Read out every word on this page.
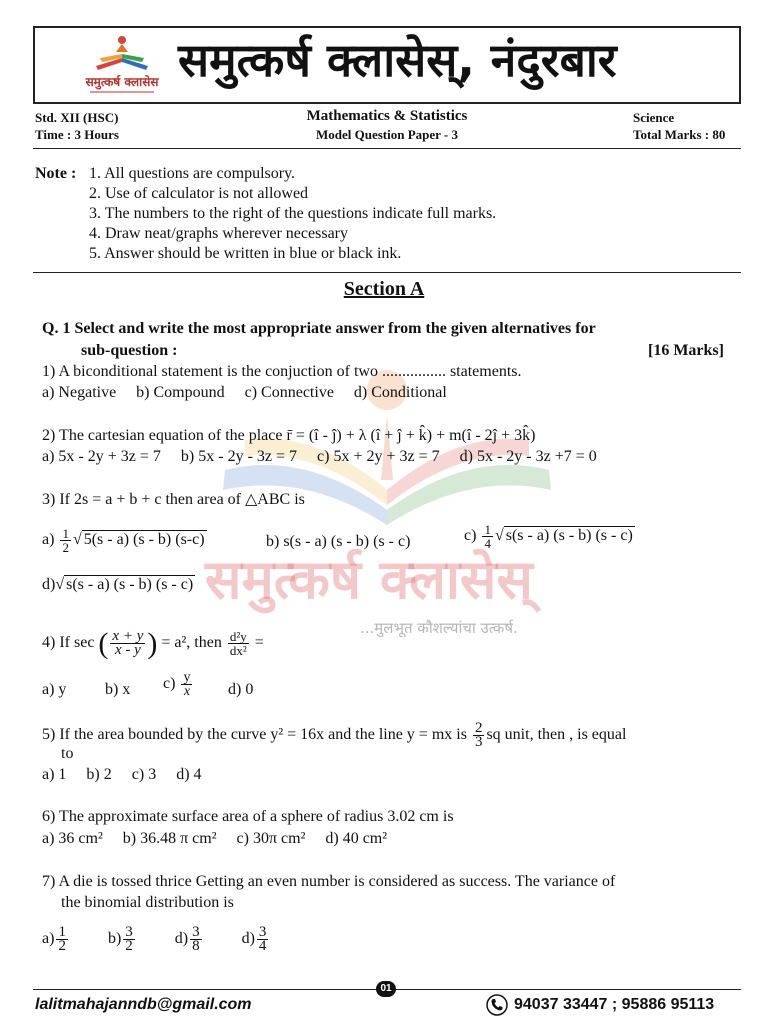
समुत्कर्ष क्लासेस समुत्कर्ष क्लासेस्, नंदुरबार
Std. XII (HSC)
Time : 3 Hours
Mathematics & Statistics
Model Question Paper - 3
Science
Total Marks : 80
Note : 1. All questions are compulsory.
2. Use of calculator is not allowed
3. The numbers to the right of the questions indicate full marks.
4. Draw neat/graphs wherever necessary
5. Answer should be written in blue or black ink.
Section A
समुत्कर्ष क्लासेस्
...मुलभूत कौशल्यांचा उत्कर्ष.
Q. 1 Select and write the most appropriate answer from the given alternatives for
sub-question :	[16 Marks]
1) A biconditional statement is the conjuction of two ................ statements.
a) Negative     b) Compound     c) Connective     d) Conditional
2) The cartesian equation of the place r̄ = (î - ĵ) + λ (î + ĵ + k̂) + m(î - 2ĵ + 3k̂)
a) 5x - 2y + 3z = 7     b) 5x - 2y - 3z = 7     c) 5x + 2y + 3z = 7     d) 5x - 2y - 3z +7 = 0
3) If 2s = a + b + c then area of △ABC is
$a) \frac{1}{2}$ √ 5(s - a) (s - b) (s-c)	b) s(s - a) (s - b) (s - c)	$c) \frac{1}{4}$ √ s(s - a) (s - b) (s - c)
d)√ s(s - a) (s - b) (s - c)
4) If sec ( $\frac{x + y}{x - y}$ ) = a², then $\frac{\text{d²y}}{\text{dx²}}$ =
a) y b) x $c) \frac{y}{x} d$) 0
5) If the area bounded by the curve y² = 16x and the line y = mx is $\frac{2}{3}$ sq unit, then , is equal
to
a) 1     b) 2     c) 3     d) 4
6) The approximate surface area of a sphere of radius 3.02 cm is
a) 36 cm²     b) 36.48 π cm²     c) 30π cm²     d) 40 cm²
7) A die is tossed thrice Getting an even number is considered as success. The variance of
the binomial distribution is
$a) \frac{1}{2}$	$b) \frac{3}{2}$	$d) \frac{3}{8}$	$d) \frac{3}{4}$
01
lalitmahajanndb@gmail.com	94037 33447 ; 95886 95113
